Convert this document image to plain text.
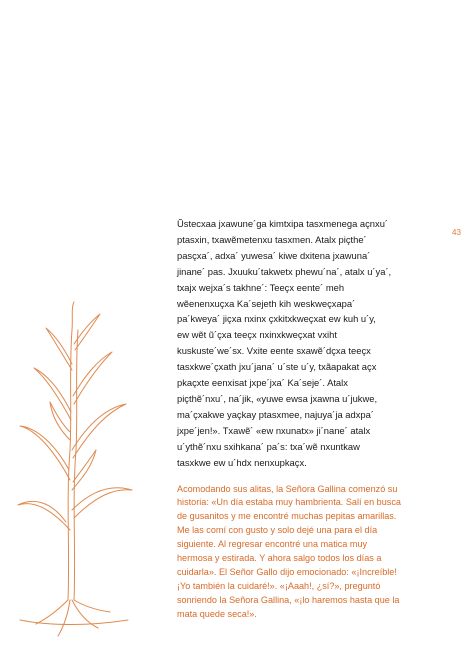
43

Ũstecxaa jxawune´ga kimtxipa tasxmenega açnxu´
ptasxin, txawẽmetenxu tasxmen. Atalx piçthe´
pasçxa´, adxa´ yuwesa´ kiwe dxitena jxawuna´
jinane´ pas. Jxuuku´takwetx phewu´na´, atalx u´ya´,
txajx wejxa´s takhne´: Teeçx eente´ meh
wẽenenxuçxa Ka´sejeth kih weskweçxapa´
pa´kweya´ jiçxa nxinx çxkitxkweçxat ew kuh u´y,
ew wẽt ũ´çxa teeçx nxinxkweçxat vxiht
kuskuste´we´sx. Vxite eente sxawẽ´dçxa teeçx
tasxkwe´çxath jxu´jana´ u´ste u´y, txãapakat açx
pkaçxte eenxisat jxpe´jxa´ Ka´seje´. Atalx
piçthẽ´nxu´, na´jik, «yuwe ewsa jxawna u´jukwe,
ma´çxakwe yaçkay ptasxmee, najuya´ja adxpa´
jxpe´jen!». Txawẽ´ «ew nxunatx» ji´nane´ atalx
u´ythẽ´nxu sxihkana´ pa´s: txa´wẽ nxuntkaw
tasxkwe ew u´hdx nenxupkaçx.

Acomodando sus alitas, la Señora Gallina comenzó su
historia: «Un día estaba muy hambrienta. Salí en busca
de gusanitos y me encontré muchas pepitas amarillas.
Me las comí con gusto y solo dejé una para el día
siguiente. Al regresar encontré una matica muy
hermosa y estirada. Y ahora salgo todos los días a
cuidarla». El Señor Gallo dijo emocionado: «¡Increíble!
¡Yo también la cuidaré!». «¡Aaah!, ¿sí?», preguntó
sonriendo la Señora Gallina, «¡lo haremos hasta que la
mata quede seca!».
